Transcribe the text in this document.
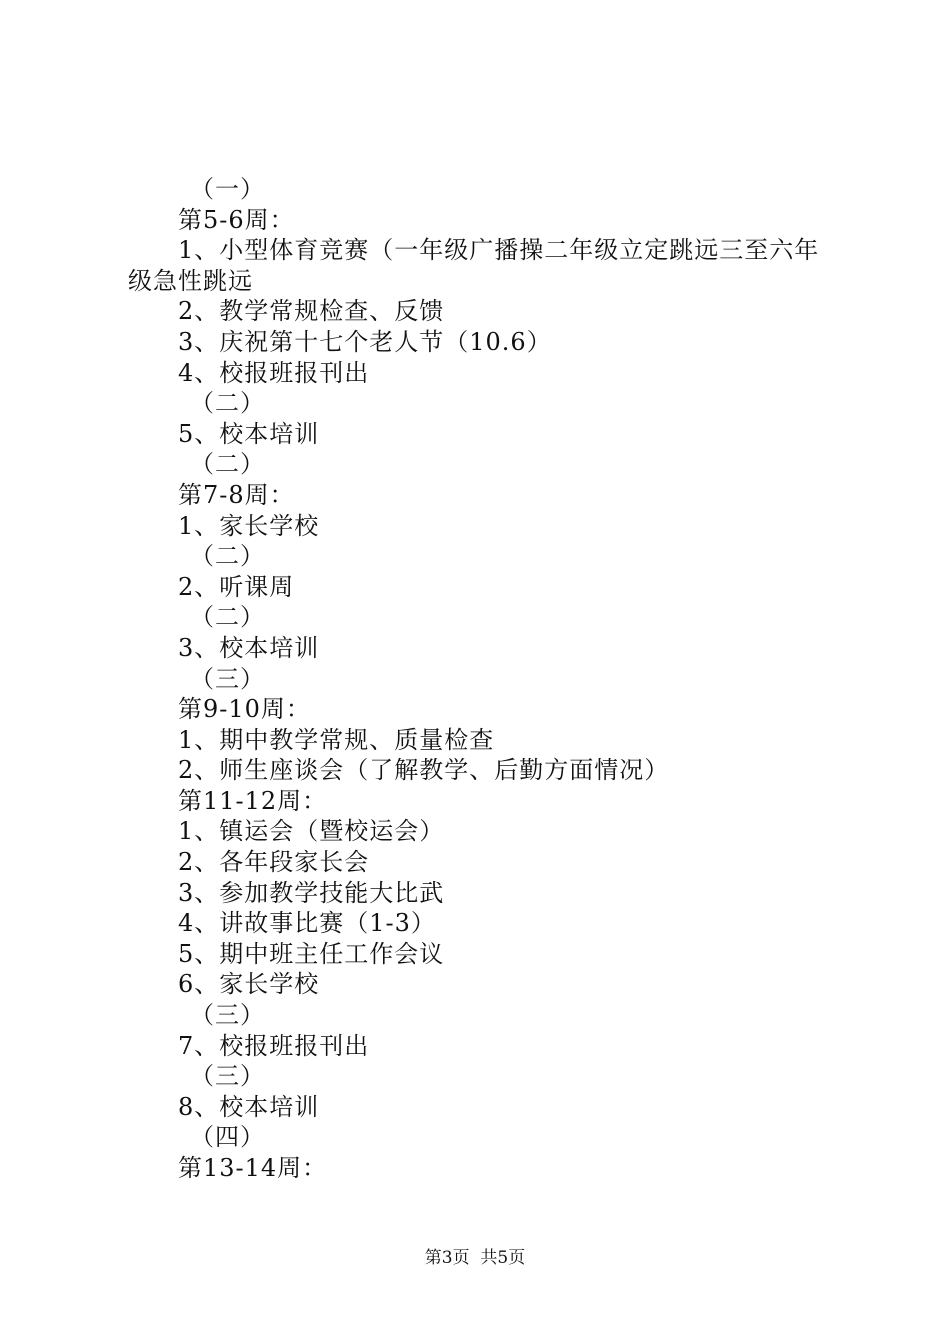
（一）
第5-6周：
1、小型体育竞赛（一年级广播操二年级立定跳远三至六年级急性跳远
2、教学常规检查、反馈
3、庆祝第十七个老人节（10.6）
4、校报班报刊出
（二）
5、校本培训
（二）
第7-8周：
1、家长学校
（二）
2、听课周
（二）
3、校本培训
（三）
第9-10周：
1、期中教学常规、质量检查
2、师生座谈会（了解教学、后勤方面情况）
第11-12周：
1、镇运会（暨校运会）
2、各年段家长会
3、参加教学技能大比武
4、讲故事比赛（1-3）
5、期中班主任工作会议
6、家长学校
（三）
7、校报班报刊出
（三）
8、校本培训
（四）
第13-14周：
第3页  共5页
